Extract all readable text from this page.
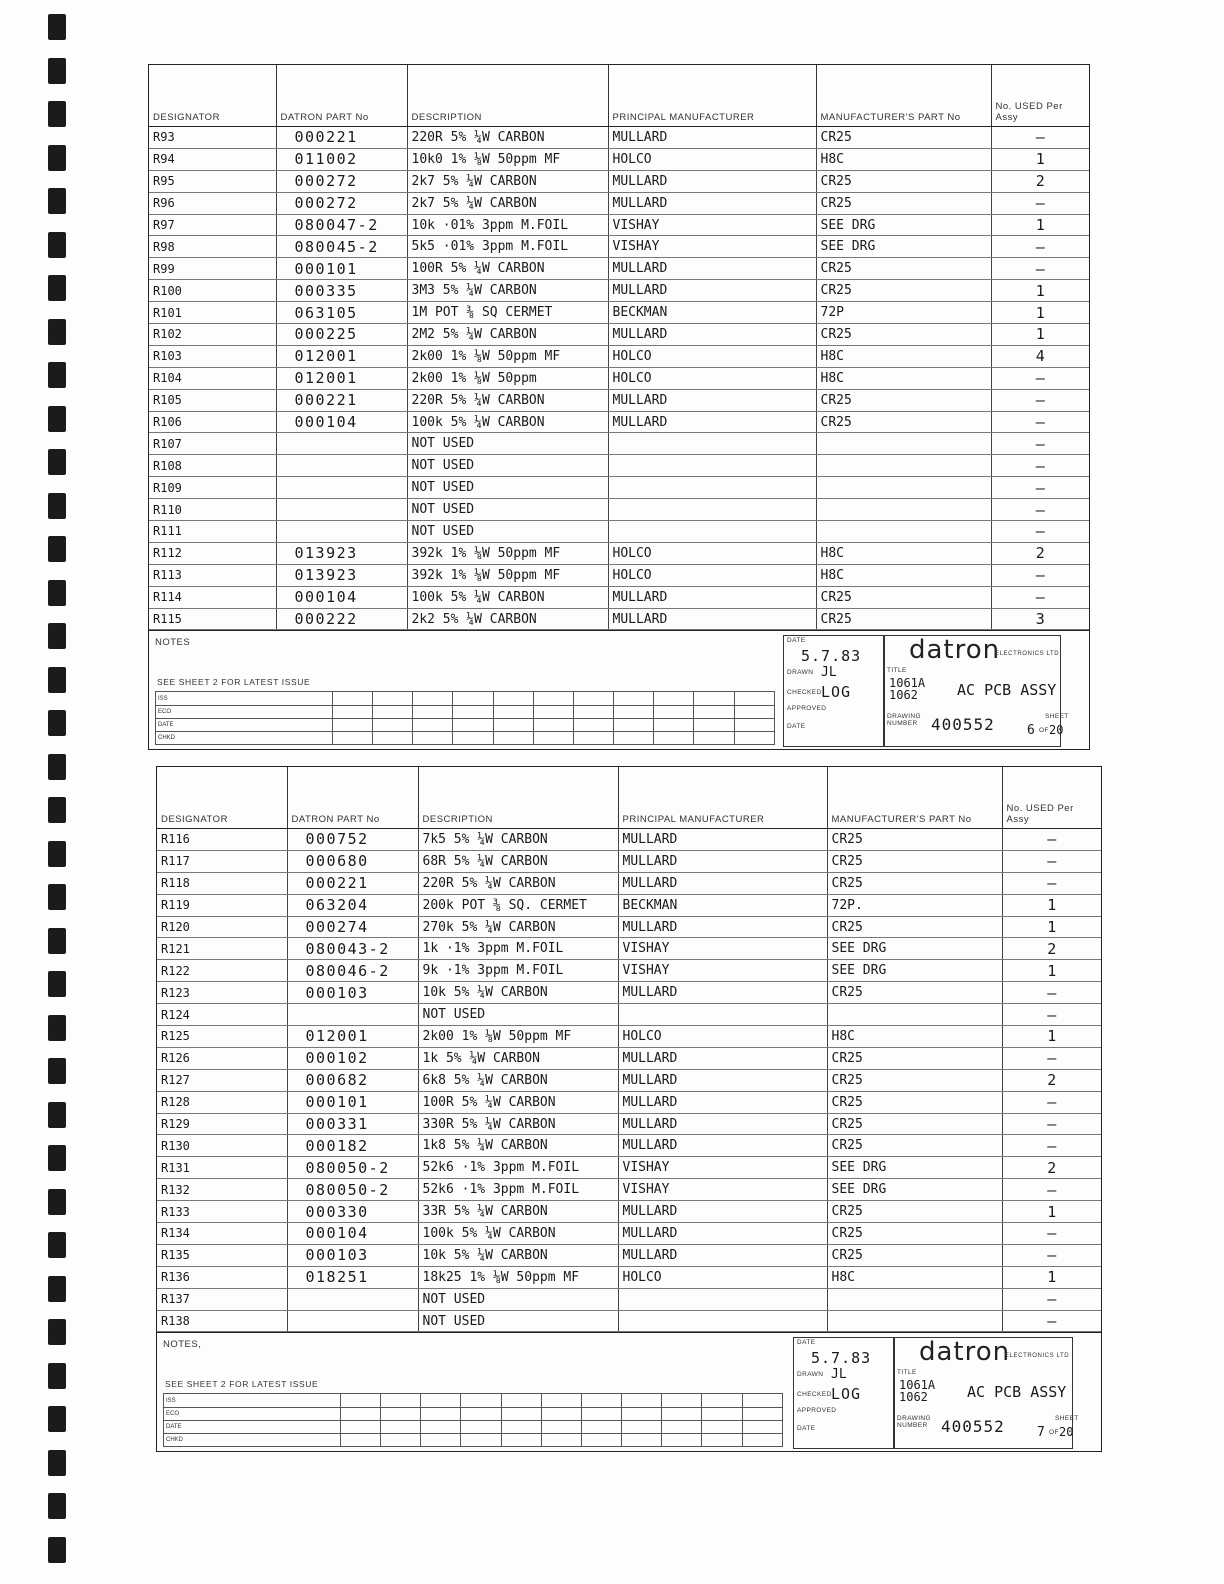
DESIGNATOR	DATRON PART No	DESCRIPTION	PRINCIPAL MANUFACTURER	MANUFACTURER'S PART No	No. USED Per Assy
R93	000221	220R 5% ¼W CARBON	MULLARD	CR25	—
R94	011002	10k0 1% ⅛W 50ppm MF	HOLCO	H8C	1
R95	000272	2k7 5% ¼W CARBON	MULLARD	CR25	2
R96	000272	2k7 5% ¼W CARBON	MULLARD	CR25	—
R97	080047-2	10k ·01% 3ppm M.FOIL	VISHAY	SEE DRG	1
R98	080045-2	5k5 ·01% 3ppm M.FOIL	VISHAY	SEE DRG	—
R99	000101	100R 5% ¼W CARBON	MULLARD	CR25	—
R100	000335	3M3 5% ¼W CARBON	MULLARD	CR25	1
R101	063105	1M POT ⅜ SQ CERMET	BECKMAN	72P	1
R102	000225	2M2 5% ¼W CARBON	MULLARD	CR25	1
R103	012001	2k00 1% ⅛W 50ppm MF	HOLCO	H8C	4
R104	012001	2k00 1% ⅛W 50ppm	HOLCO	H8C	—
R105	000221	220R 5% ¼W CARBON	MULLARD	CR25	—
R106	000104	100k 5% ¼W CARBON	MULLARD	CR25	—
R107		NOT USED			—
R108		NOT USED			—
R109		NOT USED			—
R110		NOT USED			—
R111		NOT USED			—
R112	013923	392k 1% ⅛W 50ppm MF	HOLCO	H8C	2
R113	013923	392k 1% ⅛W 50ppm MF	HOLCO	H8C	—
R114	000104	100k 5% ¼W CARBON	MULLARD	CR25	—
R115	000222	2k2 5% ¼W CARBON	MULLARD	CR25	3
NOTES
SEE SHEET 2 FOR LATEST ISSUE
ISS											
ECO											
DATE											
CHKD											
DATE
5.7.83
DRAWN JL
CHECKED LOG
APPROVED
DATE
datron
ELECTRONICS LTD
TITLE
1061A 1062	AC PCB ASSY
DRAWING NUMBER 400552	SHEET
6 OF 20
DESIGNATOR	DATRON PART No	DESCRIPTION	PRINCIPAL MANUFACTURER	MANUFACTURER'S PART No	No. USED Per Assy
R116	000752	7k5 5% ¼W CARBON	MULLARD	CR25	—
R117	000680	68R 5% ¼W CARBON	MULLARD	CR25	—
R118	000221	220R 5% ¼W CARBON	MULLARD	CR25	—
R119	063204	200k POT ⅜ SQ. CERMET	BECKMAN	72P.	1
R120	000274	270k 5% ¼W CARBON	MULLARD	CR25	1
R121	080043-2	1k ·1% 3ppm M.FOIL	VISHAY	SEE DRG	2
R122	080046-2	9k ·1% 3ppm M.FOIL	VISHAY	SEE DRG	1
R123	000103	10k 5% ¼W CARBON	MULLARD	CR25	—
R124		NOT USED			—
R125	012001	2k00 1% ⅛W 50ppm MF	HOLCO	H8C	1
R126	000102	1k 5% ¼W CARBON	MULLARD	CR25	—
R127	000682	6k8 5% ¼W CARBON	MULLARD	CR25	2
R128	000101	100R 5% ¼W CARBON	MULLARD	CR25	—
R129	000331	330R 5% ¼W CARBON	MULLARD	CR25	—
R130	000182	1k8 5% ¼W CARBON	MULLARD	CR25	—
R131	080050-2	52k6 ·1% 3ppm M.FOIL	VISHAY	SEE DRG	2
R132	080050-2	52k6 ·1% 3ppm M.FOIL	VISHAY	SEE DRG	—
R133	000330	33R 5% ¼W CARBON	MULLARD	CR25	1
R134	000104	100k 5% ¼W CARBON	MULLARD	CR25	—
R135	000103	10k 5% ¼W CARBON	MULLARD	CR25	—
R136	018251	18k25 1% ⅛W 50ppm MF	HOLCO	H8C	1
R137		NOT USED			—
R138		NOT USED			—
NOTES,
SEE SHEET 2 FOR LATEST ISSUE
ISS											
ECO											
DATE											
CHKD											
DATE
5.7.83
DRAWN JL
CHECKED LOG
APPROVED
DATE
datron
ELECTRONICS LTD
TITLE
1061A 1062	AC PCB ASSY
DRAWING NUMBER 400552	SHEET
7 OF 20
